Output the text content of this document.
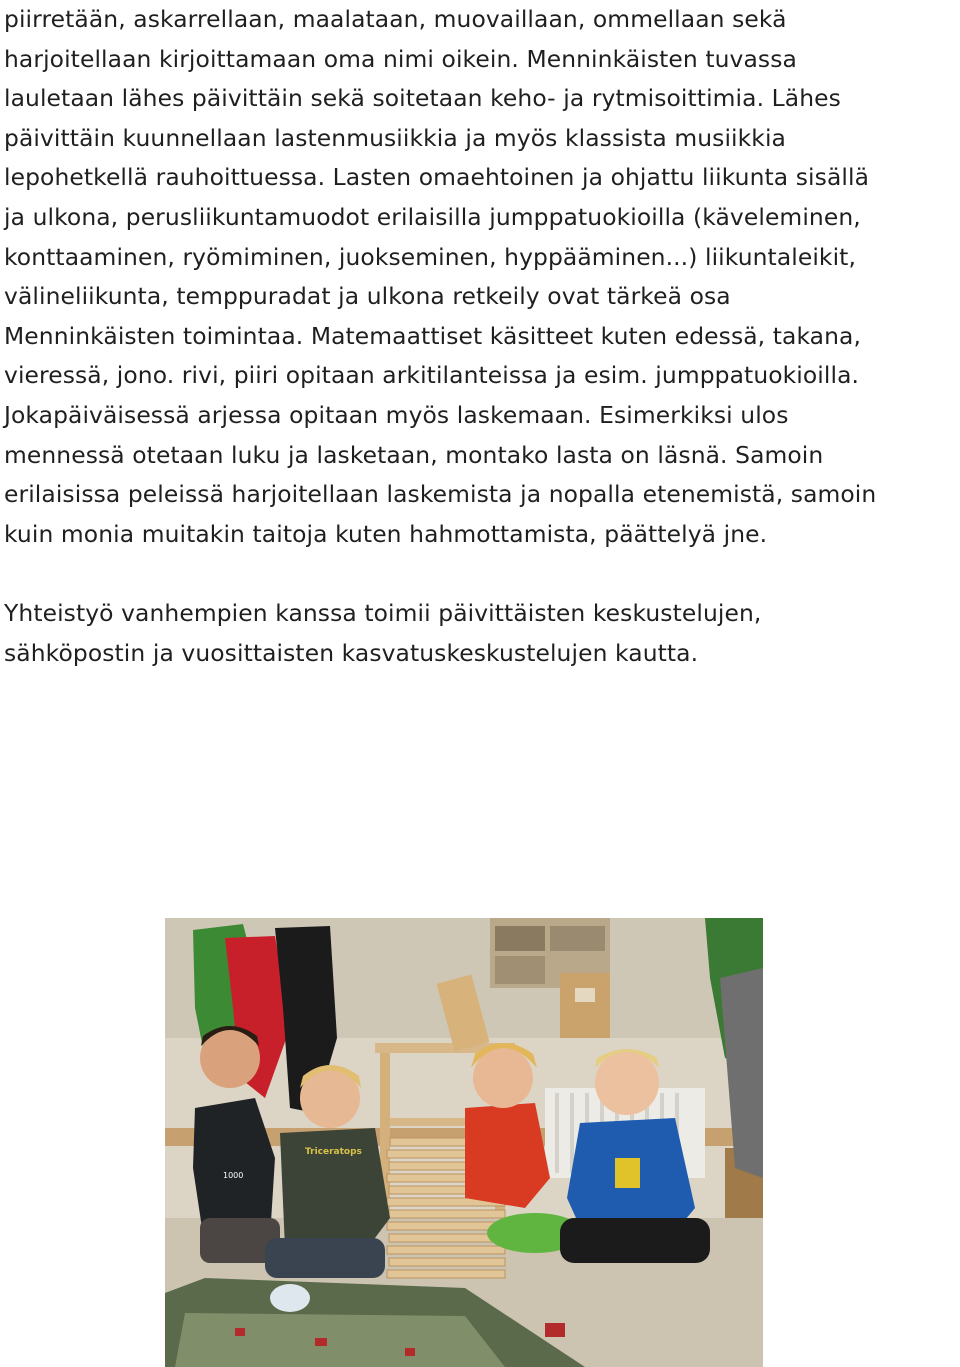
piirretään, askarrellaan, maalataan, muovaillaan, ommellaan sekä
harjoitellaan kirjoittamaan oma nimi oikein. Menninkäisten tuvassa
lauletaan lähes päivittäin sekä soitetaan keho- ja rytmisoittimia. Lähes
päivittäin kuunnellaan lastenmusiikkia ja myös klassista musiikkia
lepohetkellä rauhoittuessa. Lasten omaehtoinen ja ohjattu liikunta sisällä
ja ulkona, perusliikuntamuodot erilaisilla jumppatuokioilla (käveleminen,
konttaaminen, ryömiminen, juokseminen, hyppääminen...) liikuntaleikit,
välineliikunta, temppuradat ja ulkona retkeily ovat tärkeä osa
Menninkäisten toimintaa. Matemaattiset käsitteet kuten edessä, takana,
vieressä, jono. rivi, piiri opitaan arkitilanteissa ja esim. jumppatuokioilla.
Jokapäiväisessä arjessa opitaan myös laskemaan. Esimerkiksi ulos
mennessä otetaan luku ja lasketaan, montako lasta on läsnä. Samoin
erilaisissa peleissä harjoitellaan laskemista ja nopalla etenemistä, samoin
kuin monia muitakin taitoja kuten hahmottamista, päättelyä jne.
Yhteistyö vanhempien kanssa toimii päivittäisten keskustelujen,
sähköpostin ja vuosittaisten kasvatuskeskustelujen kautta.
1000
Triceratops
